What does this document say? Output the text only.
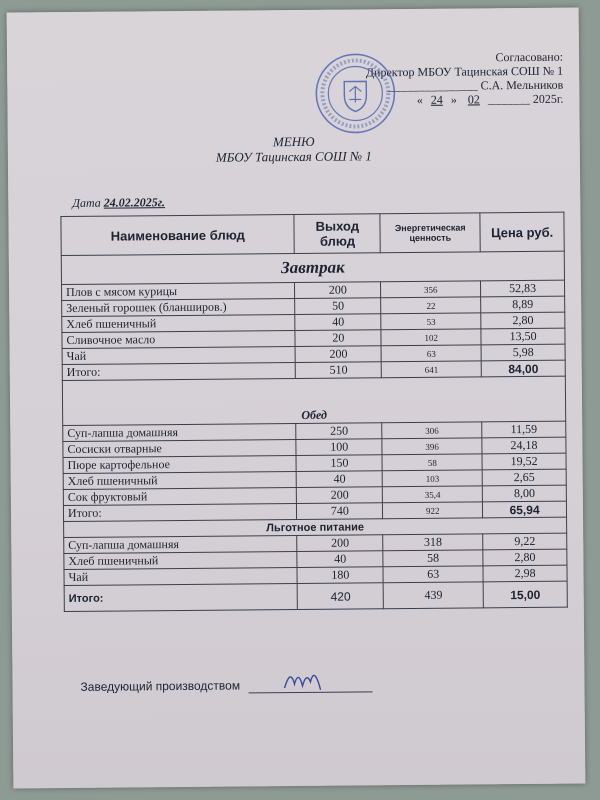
Согласовано:
Директор МБОУ Тацинская СОШ № 1
_______________ С.А. Мельников
« 24 » 02 _______ 2025г.
МЕНЮ
МБОУ Тацинская СОШ № 1
Дата 24.02.2025г.
Наименование блюд	Выход блюд	Энергетическая ценность	Цена руб.
Завтрак			
Плов с мясом курицы	200	356	52,83
Зеленый горошек (бланширов.)	50	22	8,89
Хлеб пшеничный	40	53	2,80
Сливочное масло	20	102	13,50
Чай	200	63	5,98
Итого:	510	641	84,00
Обед			
Суп-лапша домашняя	250	306	11,59
Сосиски отварные	100	396	24,18
Пюре картофельное	150	58	19,52
Хлеб пшеничный	40	103	2,65
Сок фруктовый	200	35,4	8,00
Итого:	740	922	65,94
Льготное питание			
Суп-лапша домашняя	200	318	9,22
Хлеб пшеничный	40	58	2,80
Чай	180	63	2,98
Итого:	420	439	15,00
Заведующий производством
